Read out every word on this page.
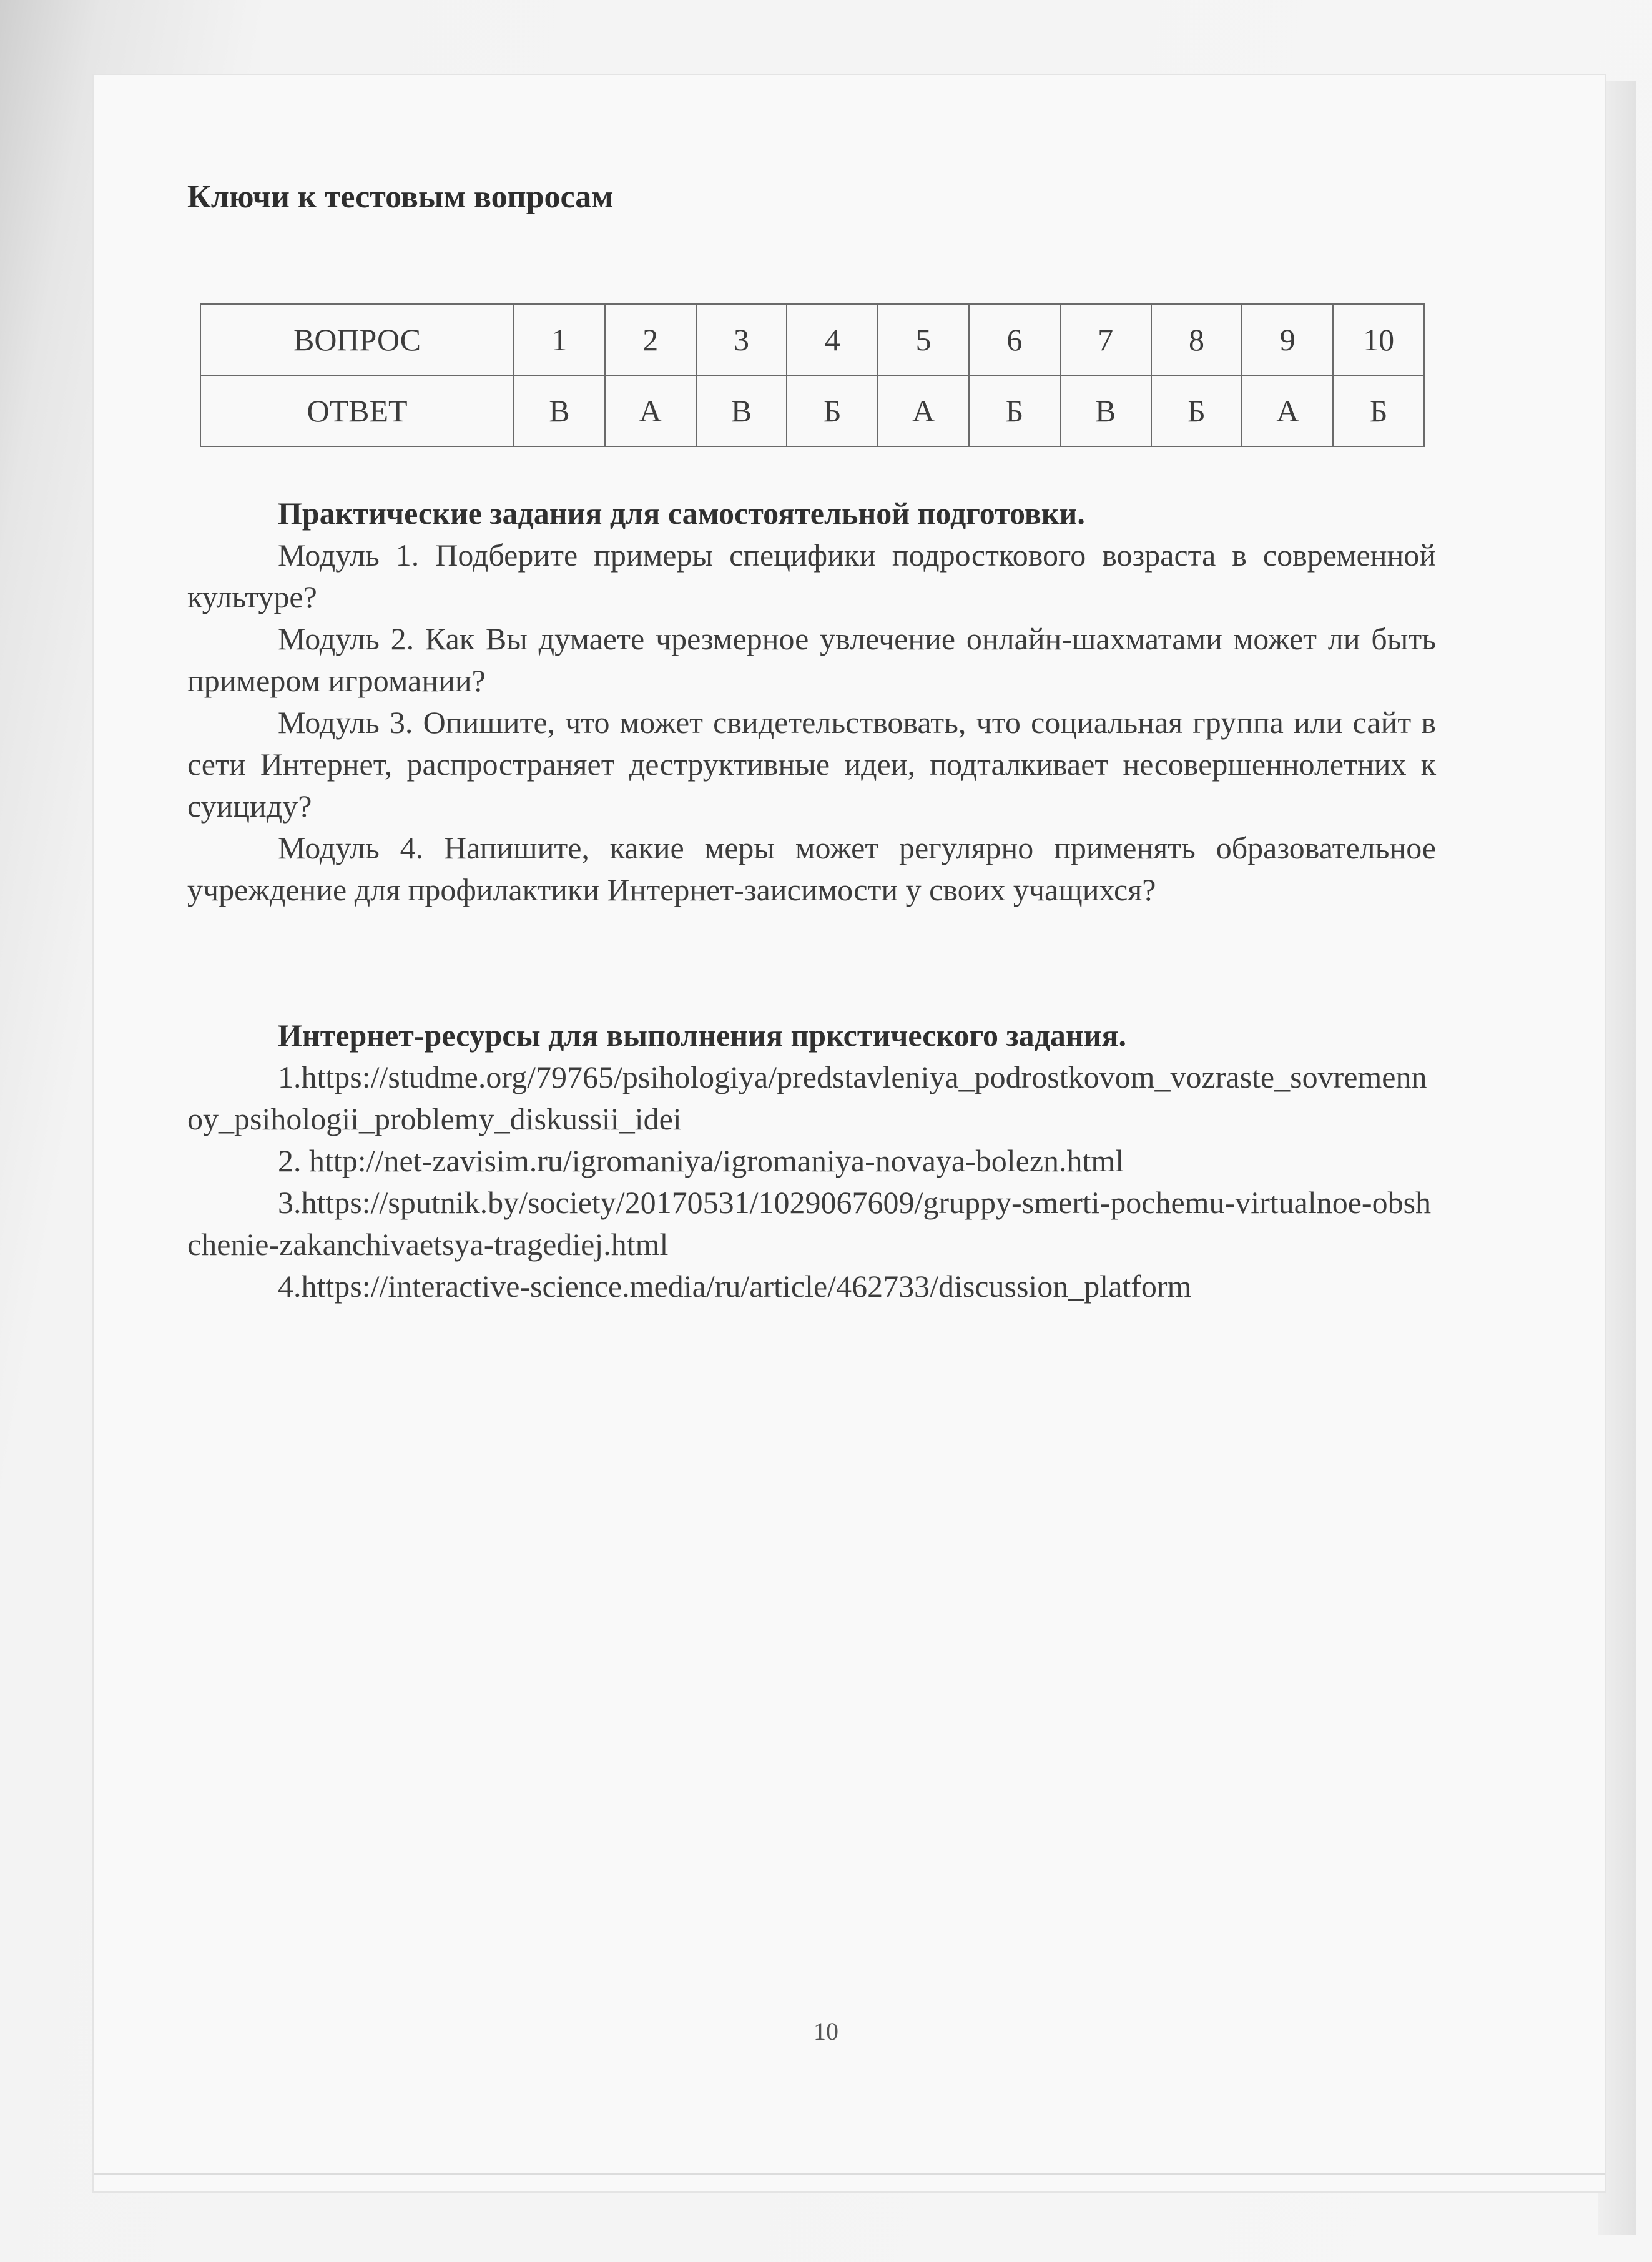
Ключи к тестовым вопросам
ВОПРОС	1	2	3	4	5	6	7	8	9	10
ОТВЕТ	В	А	В	Б	А	Б	В	Б	А	Б
Практические задания для самостоятельной подготовки.
Модуль 1. Подберите примеры специфики подросткового возраста в современной культуре?
Модуль 2. Как Вы думаете чрезмерное увлечение онлайн-шахматами может ли быть примером игромании?
Модуль 3. Опишите, что может свидетельствовать, что социальная группа или сайт в сети Интернет, распространяет деструктивные идеи, подталкивает несовершеннолетних к суициду?
Модуль 4. Напишите, какие меры может регулярно применять образовательное учреждение для профилактики Интернет-заисимости у своих учащихся?
Интернет-ресурсы для выполнения пркстического задания.
1.https://studme.org/79765/psihologiya/predstavleniya_podrostkovom_vozraste_sovremennoy_psihologii_problemy_diskussii_idei
2. http://net-zavisim.ru/igromaniya/igromaniya-novaya-bolezn.html
3.https://sputnik.by/society/20170531/1029067609/gruppy-smerti-pochemu-virtualnoe-obshchenie-zakanchivaetsya-tragediej.html
4.https://interactive-science.media/ru/article/462733/discussion_platform
10
